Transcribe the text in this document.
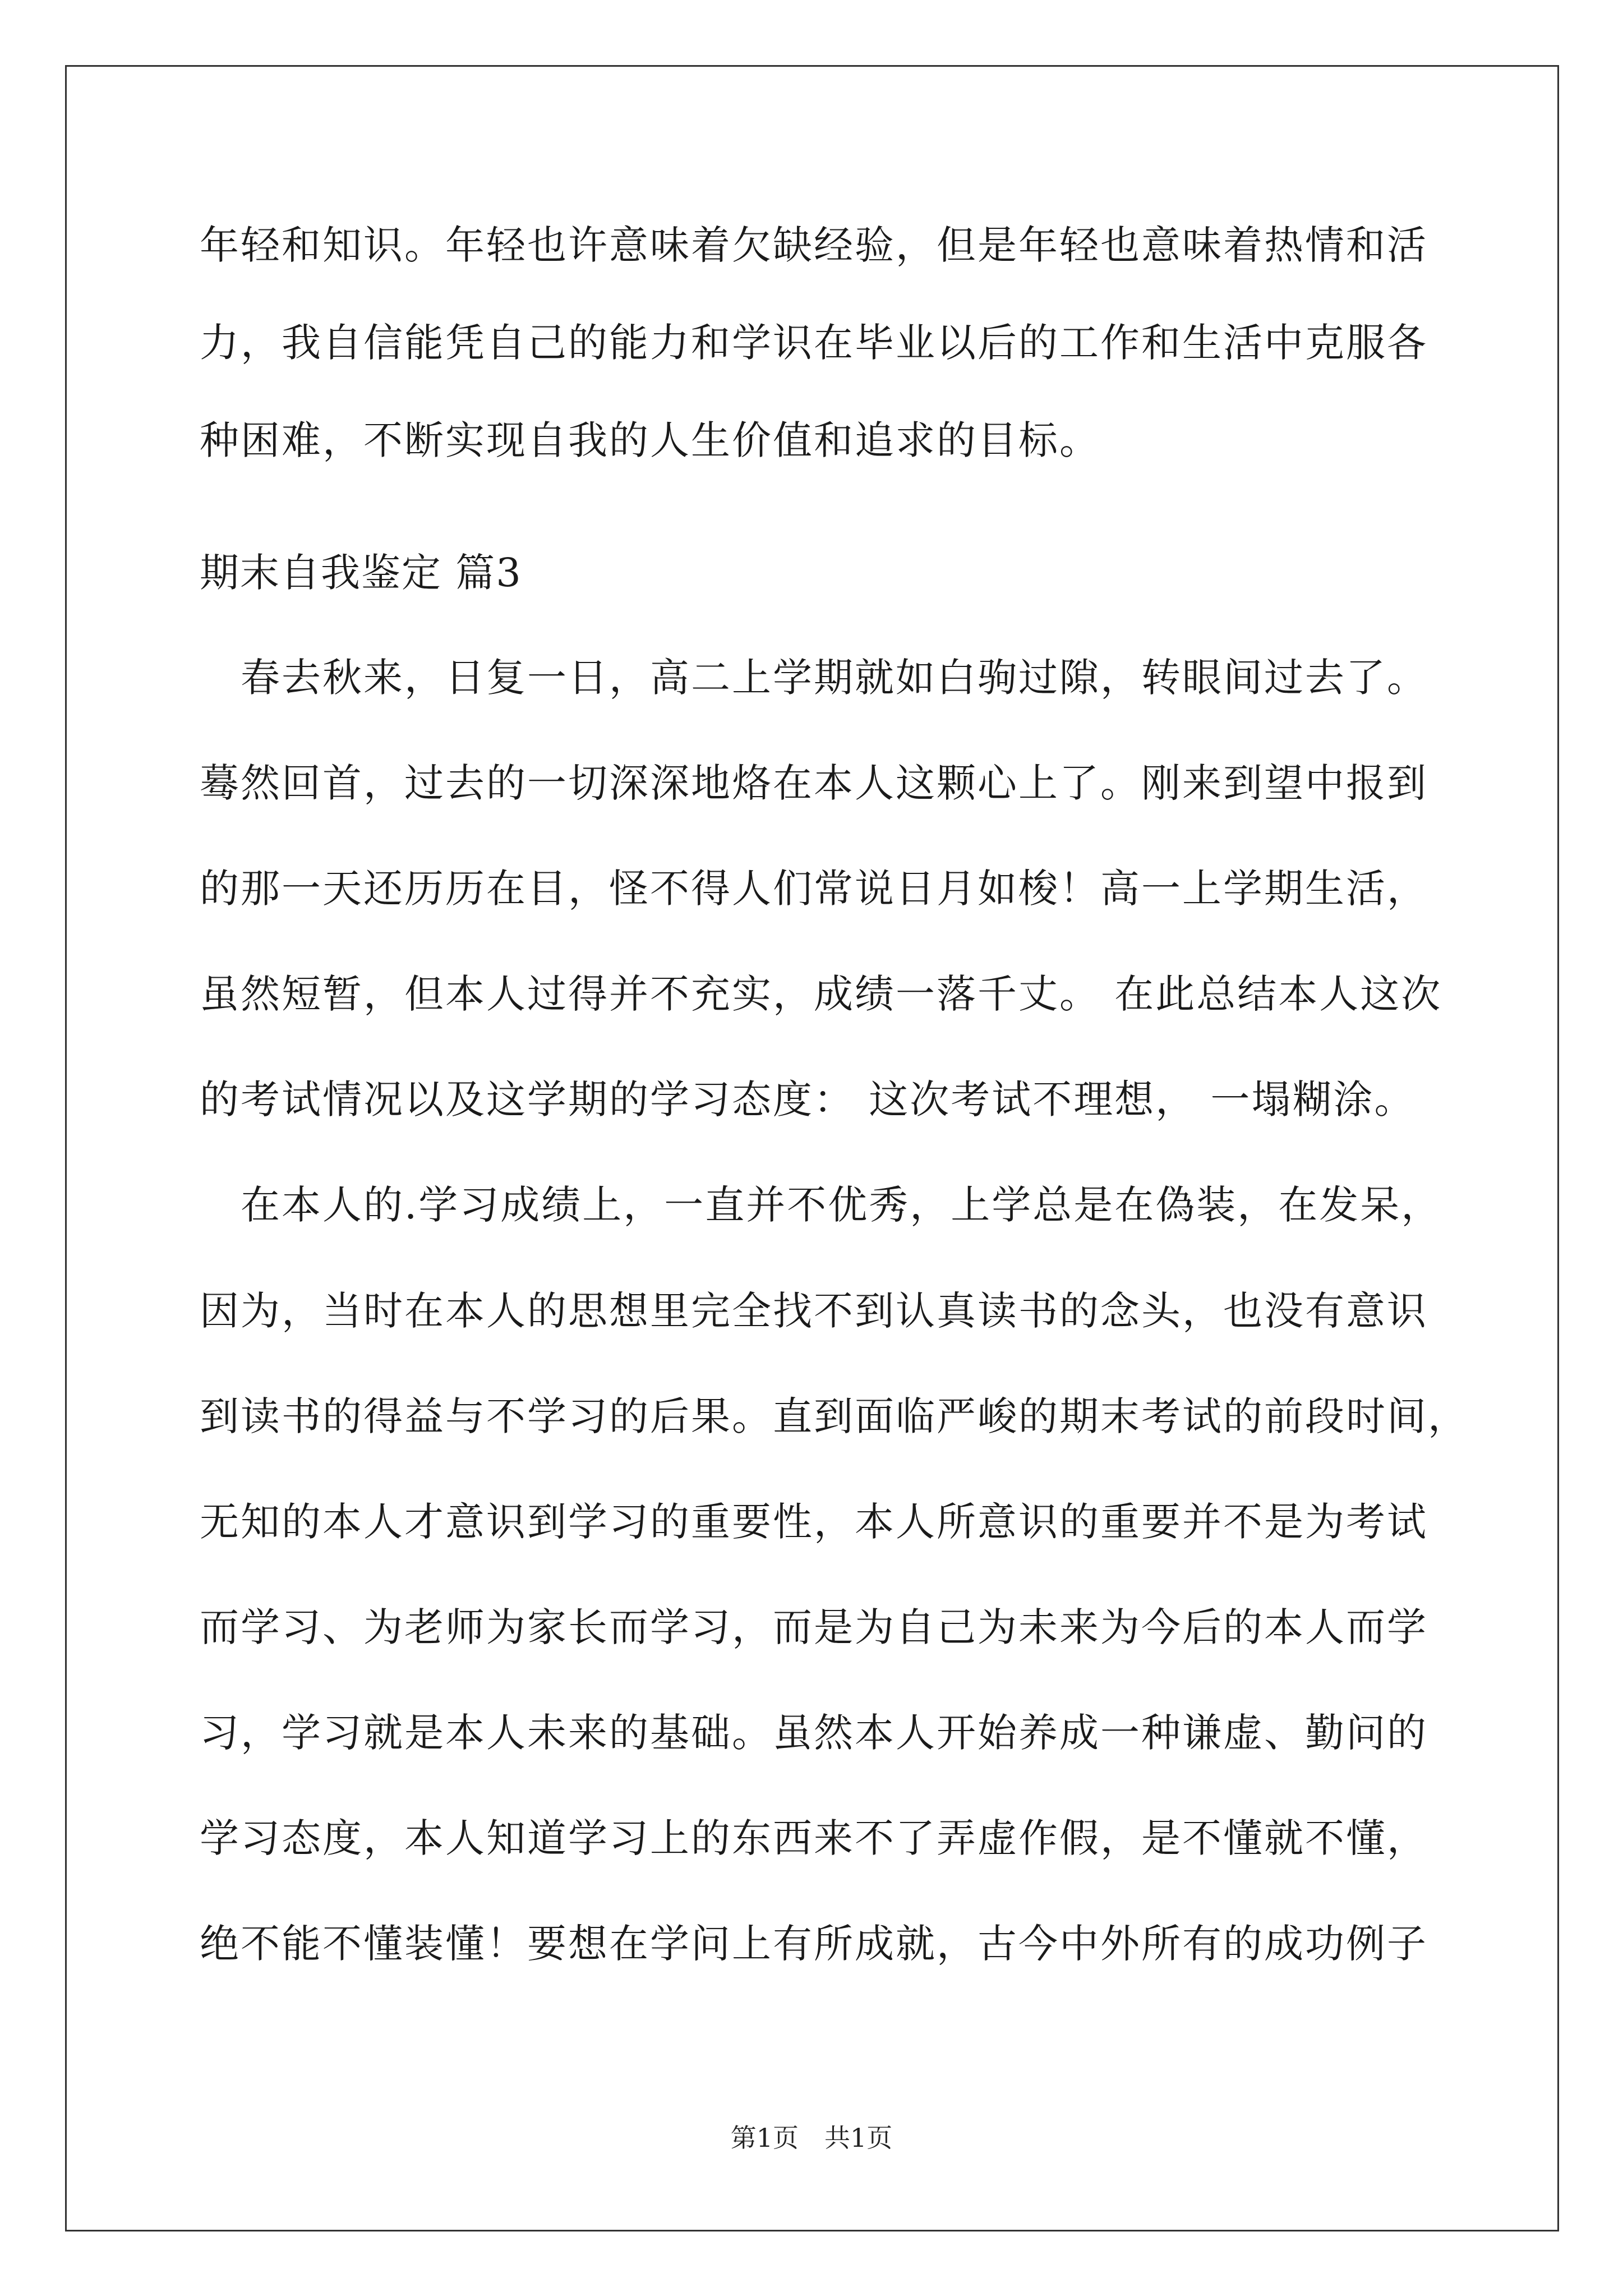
年轻和知识。年轻也许意味着欠缺经验，但是年轻也意味着热情和活
力，我自信能凭自己的能力和学识在毕业以后的工作和生活中克服各
种困难，不断实现自我的人生价值和追求的目标。
期末自我鉴定 篇3
　春去秋来，日复一日，高二上学期就如白驹过隙，转眼间过去了。
蓦然回首，过去的一切深深地烙在本人这颗心上了。刚来到望中报到
的那一天还历历在目，怪不得人们常说日月如梭！高一上学期生活，
虽然短暂，但本人过得并不充实，成绩一落千丈。 在此总结本人这次
的考试情况以及这学期的学习态度： 这次考试不理想， 一塌糊涂。
　在本人的.学习成绩上，一直并不优秀，上学总是在偽装，在发呆，
因为，当时在本人的思想里完全找不到认真读书的念头，也没有意识
到读书的得益与不学习的后果。直到面临严峻的期末考试的前段时间，
无知的本人才意识到学习的重要性，本人所意识的重要并不是为考试
而学习、为老师为家长而学习，而是为自己为未来为今后的本人而学
习，学习就是本人未来的基础。虽然本人开始养成一种谦虚、勤问的
学习态度，本人知道学习上的东西来不了弄虚作假，是不懂就不懂，
绝不能不懂装懂！要想在学问上有所成就，古今中外所有的成功例子
第1页　共1页
